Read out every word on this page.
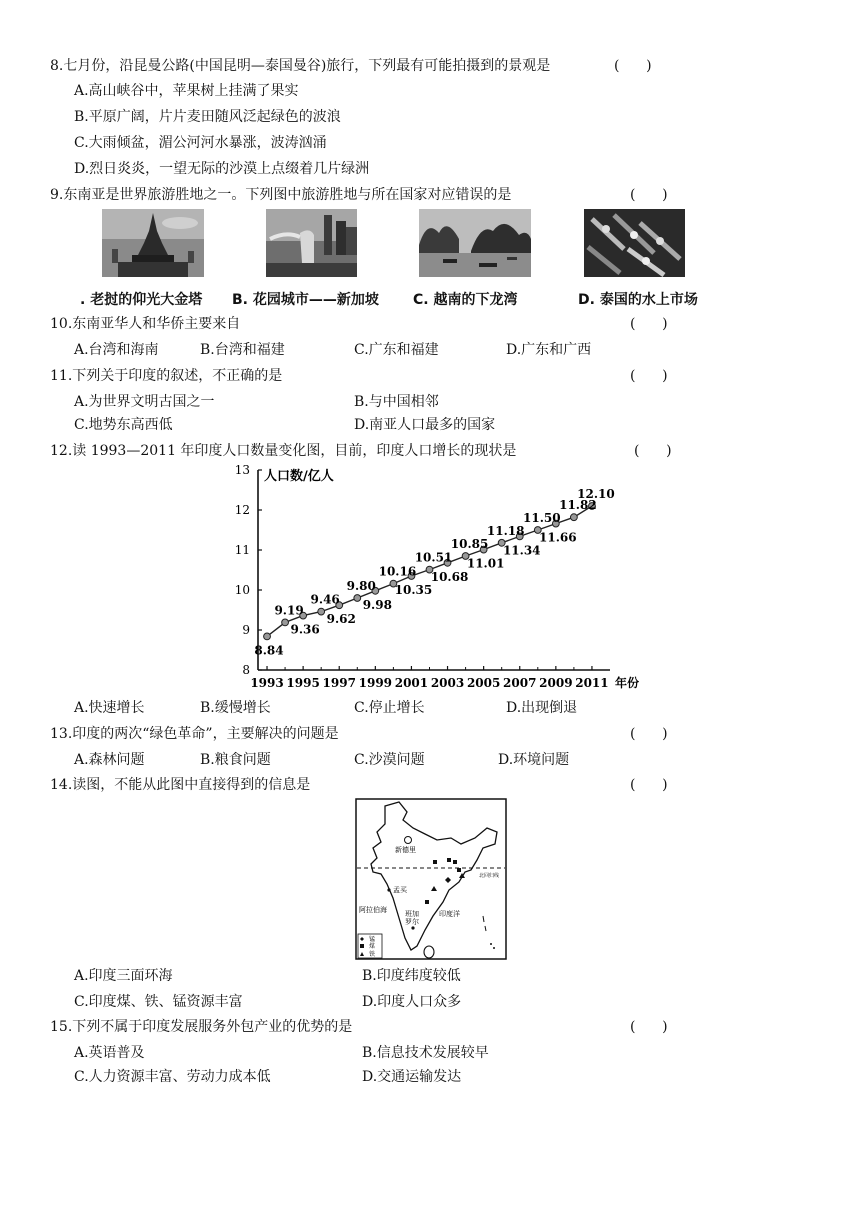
8.七月份，沿昆曼公路(中国昆明—泰国曼谷)旅行，下列最有可能拍摄到的景观是	(      )
A.高山峡谷中，苹果树上挂满了果实
B.平原广阔，片片麦田随风泛起绿色的波浪
C.大雨倾盆，湄公河河水暴涨，波涛汹涌
D.烈日炎炎，一望无际的沙漠上点缀着几片绿洲
9.东南亚是世界旅游胜地之一。下列图中旅游胜地与所在国家对应错误的是	(      )
. 老挝的仰光大金塔 B. 花园城市——新加坡 C. 越南的下龙湾	D. 泰国的水上市场
10.东南亚华人和华侨主要来自	(      )
A.台湾和海南	B.台湾和福建	C.广东和福建	D.广东和广西
11.下列关于印度的叙述，不正确的是	(      )
A.为世界文明古国之一	B.与中国相邻
C.地势东高西低	D.南亚人口最多的国家
12.读 1993—2011 年印度人口数量变化图，目前，印度人口增长的现状是	(      )
人口数/亿人
年份
8
9
10
11
12
13
1993 1995 1997 1999 2001 2003 2005 2007 2009 2011
8.84
9.19
9.36
9.46
9.62
9.80
9.98
10.16
10.35
10.51
10.68
10.85
11.01
11.18
11.34
11.50
11.66
11.82
12.10
A.快速增长	B.缓慢增长	C.停止增长	D.出现倒退
13.印度的两次“绿色革命”，主要解决的问题是	(      )
A.森林问题	B.粮食问题	C.沙漠问题	D.环境问题
14.读图，不能从此图中直接得到的信息是	(      )
北回归线
新德里
孟买
班加
罗尔
阿拉伯海	印度洋
锰
煤
铁
A.印度三面环海	B.印度纬度较低
C.印度煤、铁、锰资源丰富	D.印度人口众多
15.下列不属于印度发展服务外包产业的优势的是	(      )
A.英语普及	B.信息技术发展较早
C.人力资源丰富、劳动力成本低	D.交通运输发达
